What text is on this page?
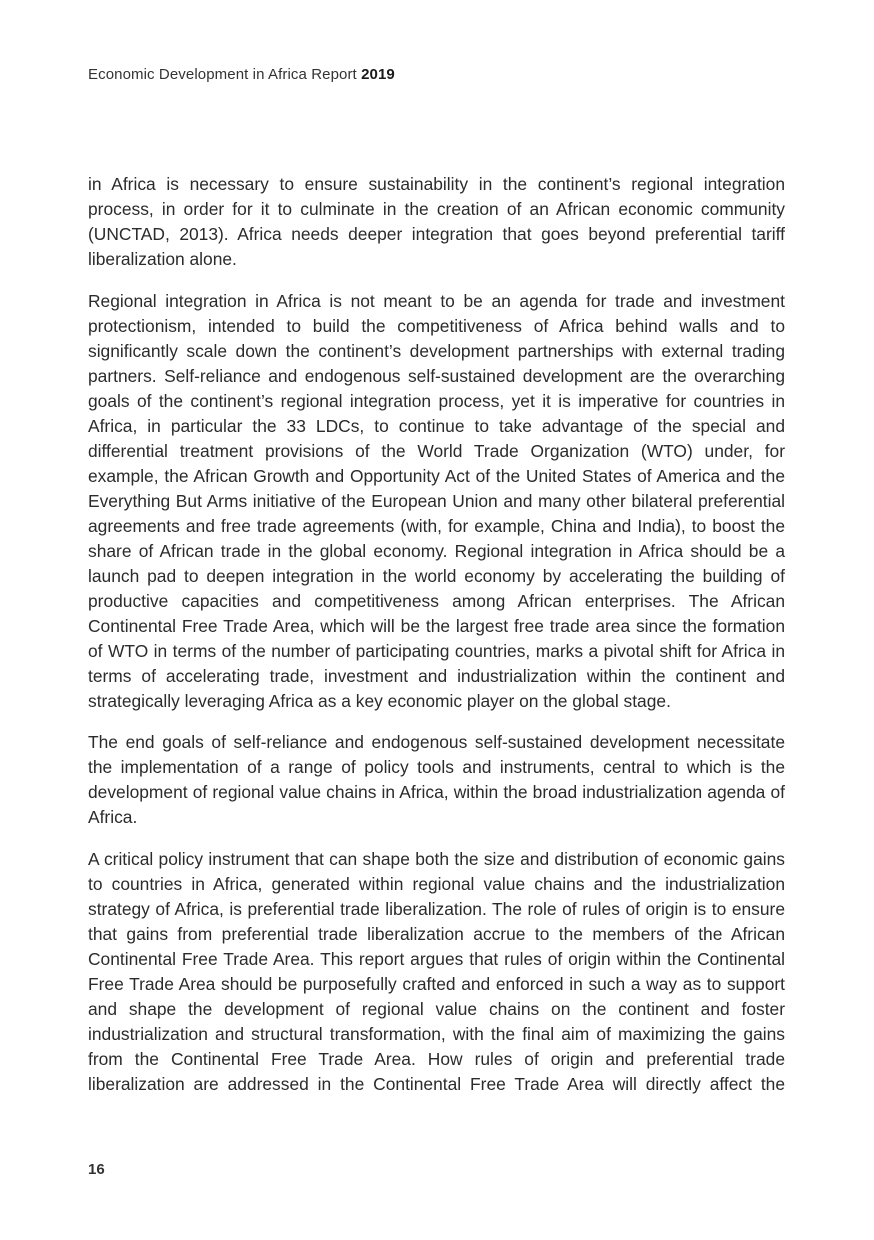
Economic Development in Africa Report 2019

in Africa is necessary to ensure sustainability in the continent’s regional integration process, in order for it to culminate in the creation of an African economic community (UNCTAD, 2013). Africa needs deeper integration that goes beyond preferential tariff liberalization alone.

Regional integration in Africa is not meant to be an agenda for trade and investment protectionism, intended to build the competitiveness of Africa behind walls and to significantly scale down the continent’s development partnerships with external trading partners. Self-reliance and endogenous self-sustained development are the overarching goals of the continent’s regional integration process, yet it is imperative for countries in Africa, in particular the 33 LDCs, to continue to take advantage of the special and differential treatment provisions of the World Trade Organization (WTO) under, for example, the African Growth and Opportunity Act of the United States of America and the Everything But Arms initiative of the European Union and many other bilateral preferential agreements and free trade agreements (with, for example, China and India), to boost the share of African trade in the global economy. Regional integration in Africa should be a launch pad to deepen integration in the world economy by accelerating the building of productive capacities and competitiveness among African enterprises. The African Continental Free Trade Area, which will be the largest free trade area since the formation of WTO in terms of the number of participating countries, marks a pivotal shift for Africa in terms of accelerating trade, investment and industrialization within the continent and strategically leveraging Africa as a key economic player on the global stage.

The end goals of self-reliance and endogenous self-sustained development necessitate the implementation of a range of policy tools and instruments, central to which is the development of regional value chains in Africa, within the broad industrialization agenda of Africa.

A critical policy instrument that can shape both the size and distribution of economic gains to countries in Africa, generated within regional value chains and the industrialization strategy of Africa, is preferential trade liberalization. The role of rules of origin is to ensure that gains from preferential trade liberalization accrue to the members of the African Continental Free Trade Area. This report argues that rules of origin within the Continental Free Trade Area should be purposefully crafted and enforced in such a way as to support and shape the development of regional value chains on the continent and foster industrialization and structural transformation, with the final aim of maximizing the gains from the Continental Free Trade Area. How rules of origin and preferential trade liberalization are addressed in the Continental Free Trade Area will directly affect the

16
